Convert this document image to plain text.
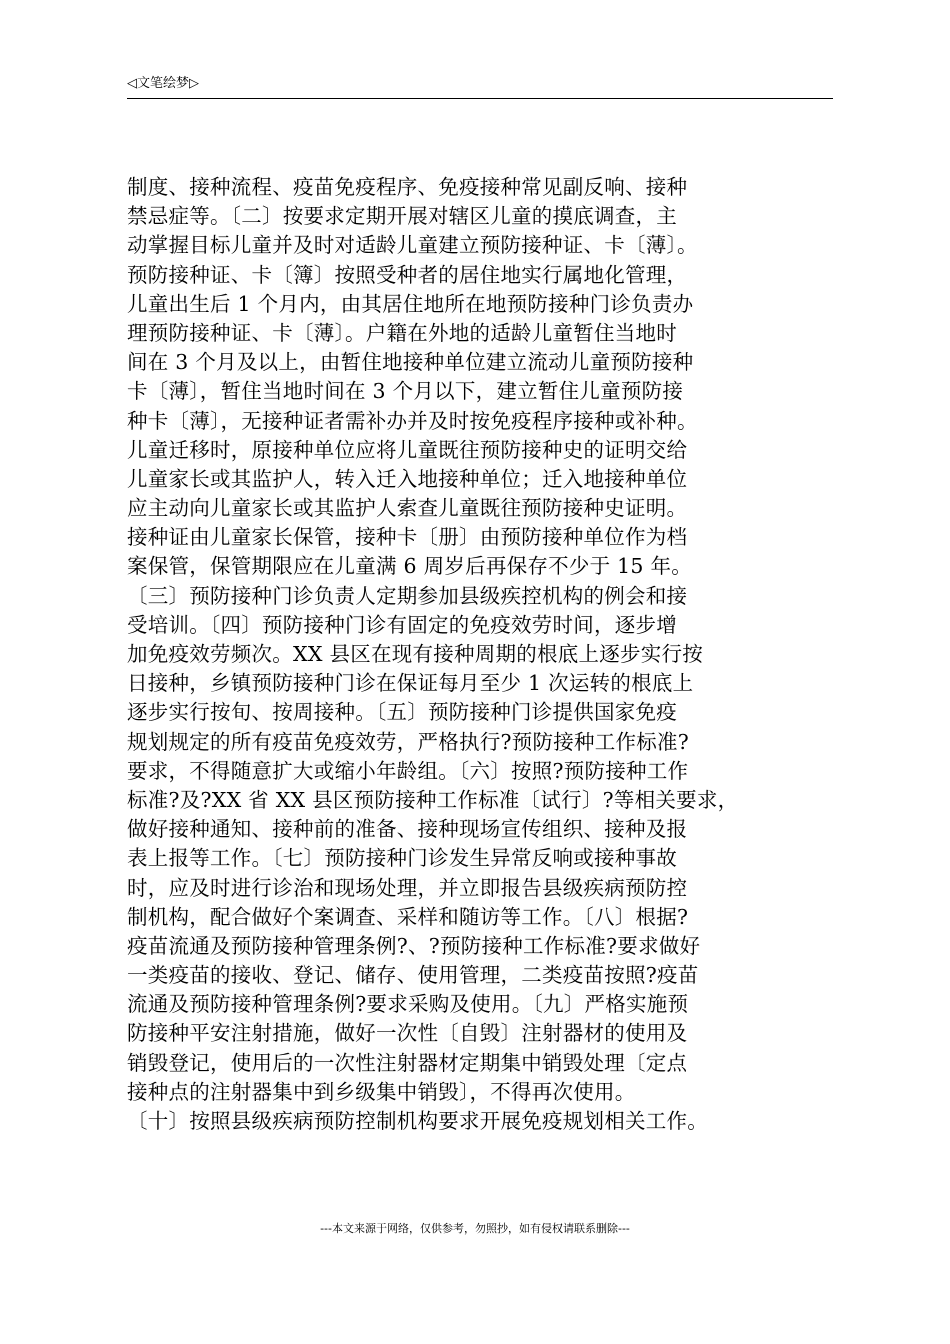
◁文笔绘梦▷
制度、接种流程、疫苗免疫程序、免疫接种常见副反响、接种
禁忌症等。〔二〕按要求定期开展对辖区儿童的摸底调查，主
动掌握目标儿童并及时对适龄儿童建立预防接种证、卡〔薄〕。
预防接种证、卡〔簿〕按照受种者的居住地实行属地化管理，
儿童出生后 1 个月内，由其居住地所在地预防接种门诊负责办
理预防接种证、卡〔薄〕。户籍在外地的适龄儿童暂住当地时
间在 3 个月及以上，由暂住地接种单位建立流动儿童预防接种
卡〔薄〕，暂住当地时间在 3 个月以下，建立暂住儿童预防接
种卡〔薄〕，无接种证者需补办并及时按免疫程序接种或补种。
儿童迁移时，原接种单位应将儿童既往预防接种史的证明交给
儿童家长或其监护人，转入迁入地接种单位；迁入地接种单位
应主动向儿童家长或其监护人索查儿童既往预防接种史证明。
接种证由儿童家长保管，接种卡〔册〕由预防接种单位作为档
案保管，保管期限应在儿童满 6 周岁后再保存不少于 15 年。
〔三〕预防接种门诊负责人定期参加县级疾控机构的例会和接
受培训。〔四〕预防接种门诊有固定的免疫效劳时间，逐步增
加免疫效劳频次。XX 县区在现有接种周期的根底上逐步实行按
日接种，乡镇预防接种门诊在保证每月至少 1 次运转的根底上
逐步实行按旬、按周接种。〔五〕预防接种门诊提供国家免疫
规划规定的所有疫苗免疫效劳，严格执行?预防接种工作标准?
要求，不得随意扩大或缩小年龄组。〔六〕按照?预防接种工作
标准?及?XX 省 XX 县区预防接种工作标准〔试行〕?等相关要求，
做好接种通知、接种前的准备、接种现场宣传组织、接种及报
表上报等工作。〔七〕预防接种门诊发生异常反响或接种事故
时，应及时进行诊治和现场处理，并立即报告县级疾病预防控
制机构，配合做好个案调查、采样和随访等工作。〔八〕根据?
疫苗流通及预防接种管理条例?、?预防接种工作标准?要求做好
一类疫苗的接收、登记、储存、使用管理，二类疫苗按照?疫苗
流通及预防接种管理条例?要求采购及使用。〔九〕严格实施预
防接种平安注射措施，做好一次性〔自毁〕注射器材的使用及
销毁登记，使用后的一次性注射器材定期集中销毁处理〔定点
接种点的注射器集中到乡级集中销毁〕，不得再次使用。
〔十〕按照县级疾病预防控制机构要求开展免疫规划相关工作。
---本文来源于网络，仅供参考，勿照抄，如有侵权请联系删除---
